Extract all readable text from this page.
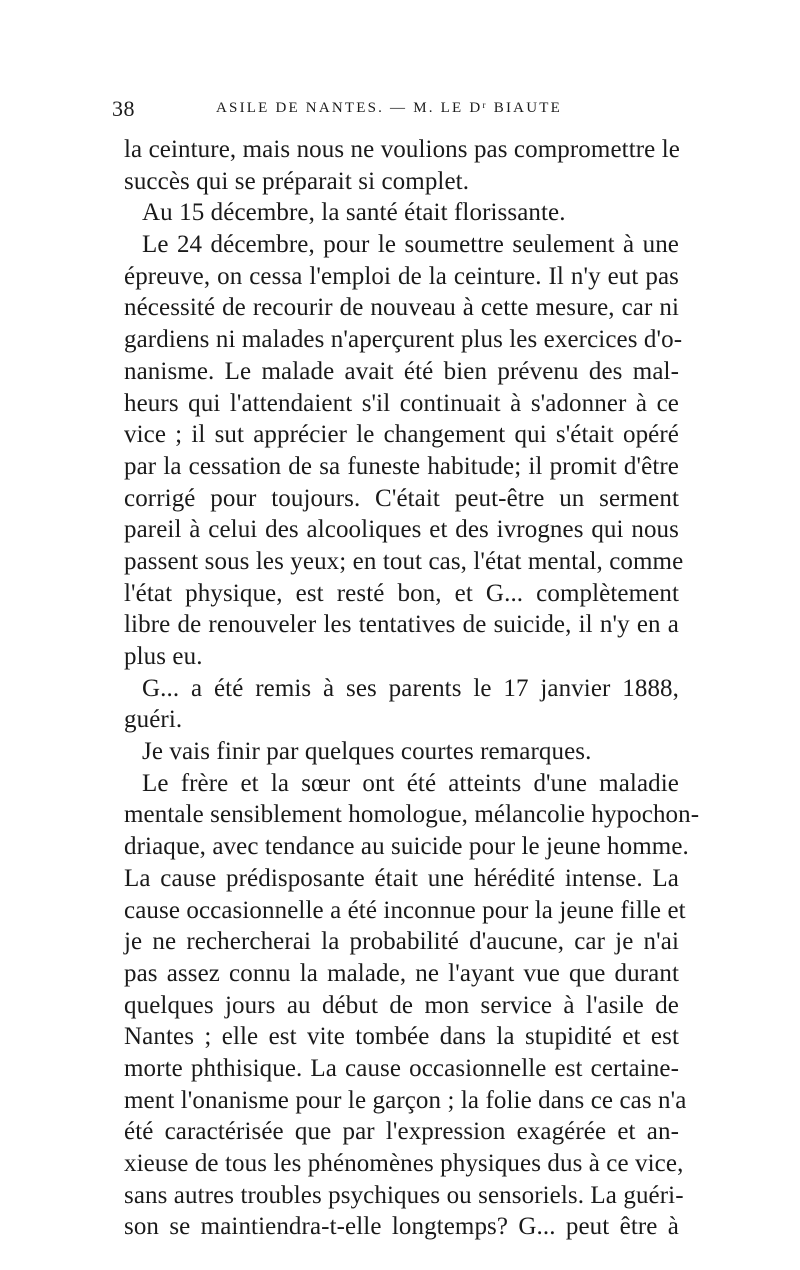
38	ASILE DE NANTES. — M. LE Dʳ BIAUTE
la ceinture, mais nous ne voulions pas compromettre le
succès qui se préparait si complet.
Au 15 décembre, la santé était florissante.
Le 24 décembre, pour le soumettre seulement à une
épreuve, on cessa l'emploi de la ceinture. Il n'y eut pas
nécessité de recourir de nouveau à cette mesure, car ni
gardiens ni malades n'aperçurent plus les exercices d'o-
nanisme. Le malade avait été bien prévenu des mal-
heurs qui l'attendaient s'il continuait à s'adonner à ce
vice ; il sut apprécier le changement qui s'était opéré
par la cessation de sa funeste habitude; il promit d'être
corrigé pour toujours. C'était peut-être un serment
pareil à celui des alcooliques et des ivrognes qui nous
passent sous les yeux; en tout cas, l'état mental, comme
l'état physique, est resté bon, et G... complètement
libre de renouveler les tentatives de suicide, il n'y en a
plus eu.
G... a été remis à ses parents le 17 janvier 1888,
guéri.
Je vais finir par quelques courtes remarques.
Le frère et la sœur ont été atteints d'une maladie
mentale sensiblement homologue, mélancolie hypochon-
driaque, avec tendance au suicide pour le jeune homme.
La cause prédisposante était une hérédité intense. La
cause occasionnelle a été inconnue pour la jeune fille et
je ne rechercherai la probabilité d'aucune, car je n'ai
pas assez connu la malade, ne l'ayant vue que durant
quelques jours au début de mon service à l'asile de
Nantes ; elle est vite tombée dans la stupidité et est
morte phthisique. La cause occasionnelle est certaine-
ment l'onanisme pour le garçon ; la folie dans ce cas n'a
été caractérisée que par l'expression exagérée et an-
xieuse de tous les phénomènes physiques dus à ce vice,
sans autres troubles psychiques ou sensoriels. La guéri-
son se maintiendra-t-elle longtemps? G... peut être à
